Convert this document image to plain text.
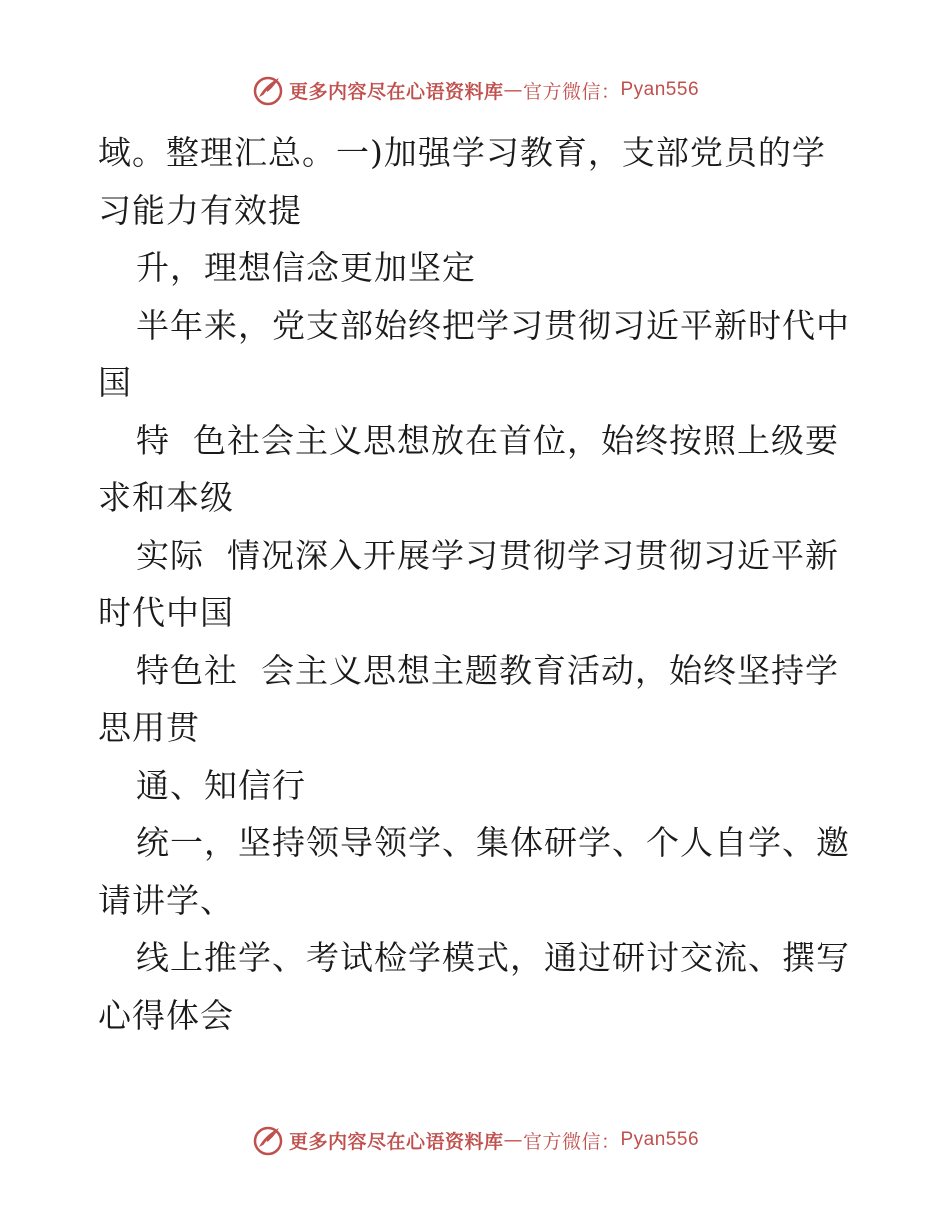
更多内容尽在心语资料库 — 官方微信： Pyan556
域。整理汇总。一)加强学习教育，支部党员的学
习能力有效提
升，理想信念更加坚定
半年来，党支部始终把学习贯彻习近平新时代中
国
特  色社会主义思想放在首位，始终按照上级要
求和本级
实际  情况深入开展学习贯彻学习贯彻习近平新
时代中国
特色社  会主义思想主题教育活动，始终坚持学
思用贯
通、知信行
统一，坚持领导领学、集体研学、个人自学、邀
请讲学、
线上推学、考试检学模式，通过研讨交流、撰写
心得体会
更多内容尽在心语资料库 — 官方微信： Pyan556
